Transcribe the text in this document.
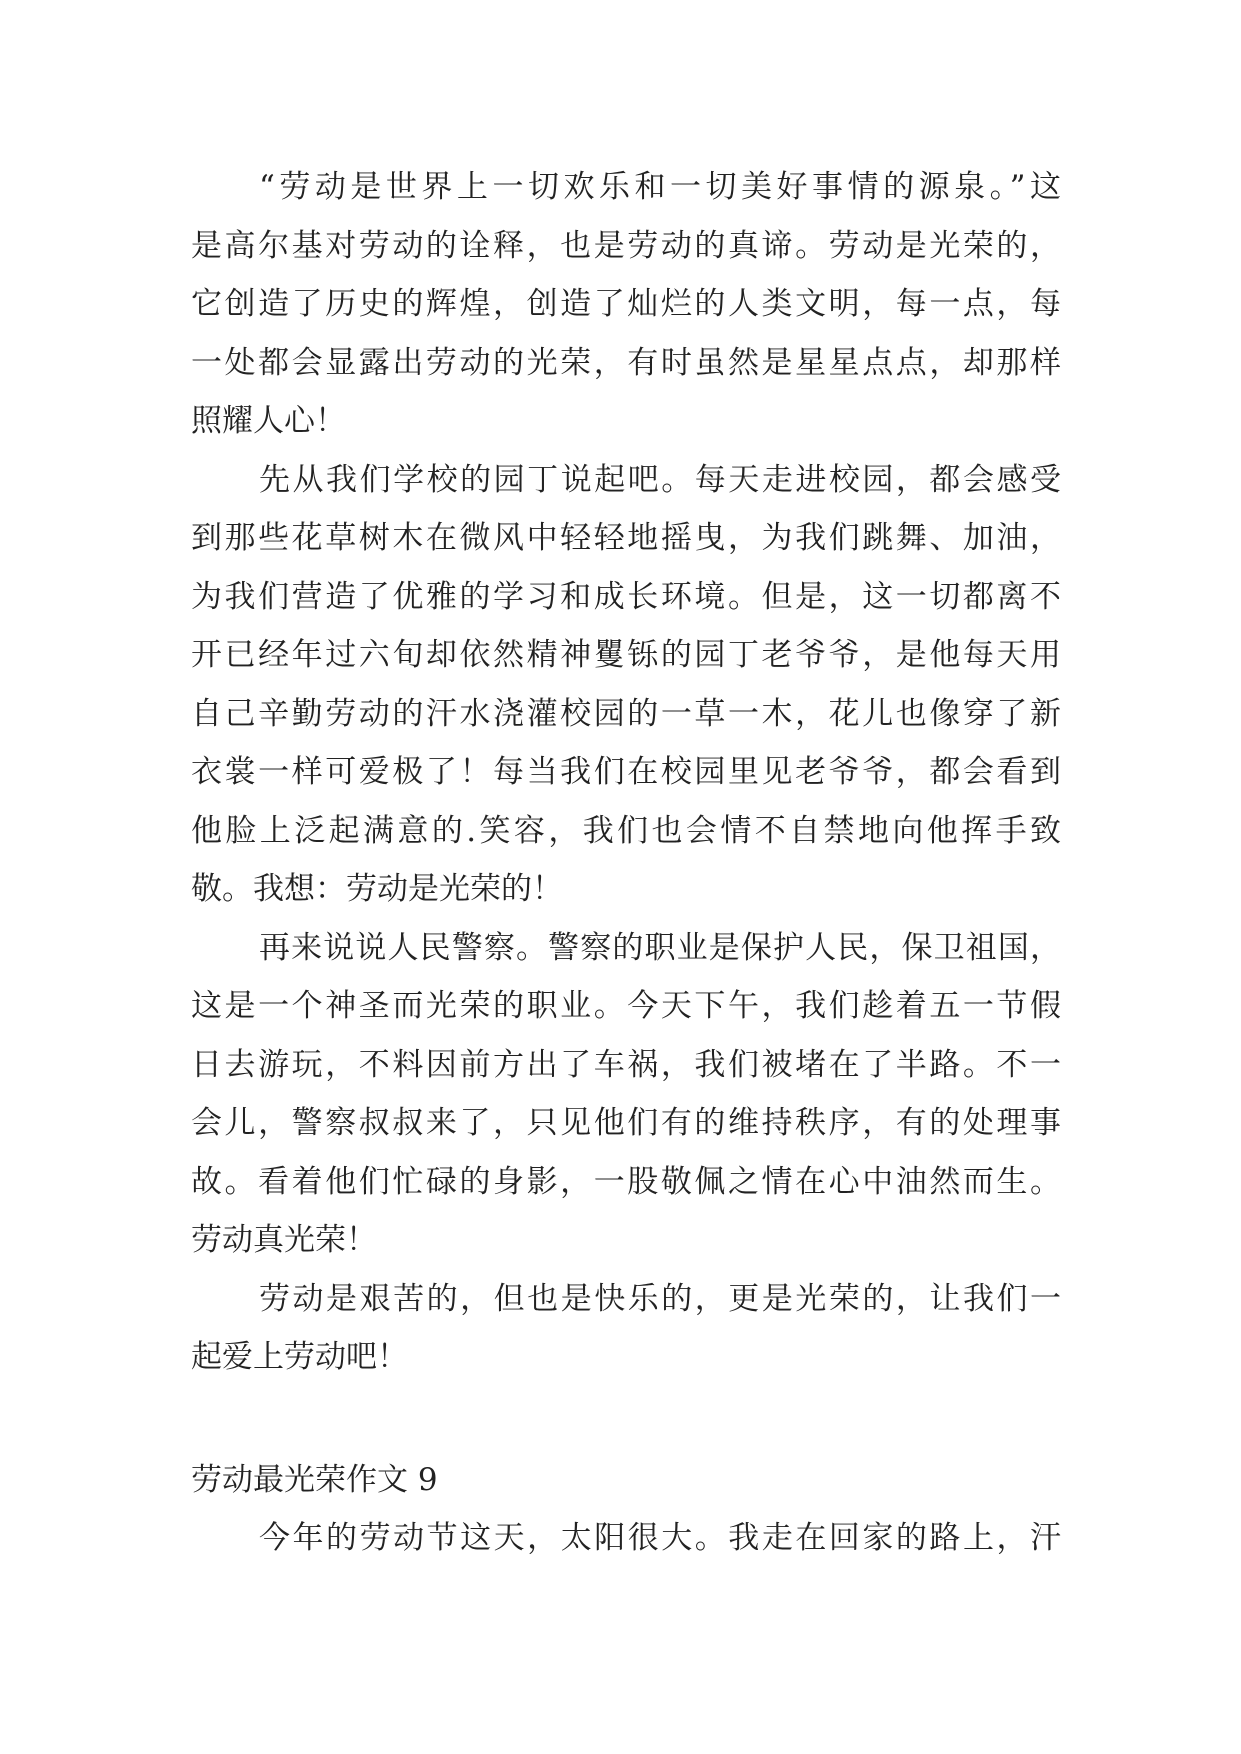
“劳动是世界上一切欢乐和一切美好事情的源泉。”这
是高尔基对劳动的诠释，也是劳动的真谛。劳动是光荣的，
它创造了历史的辉煌，创造了灿烂的人类文明，每一点，每
一处都会显露出劳动的光荣，有时虽然是星星点点，却那样
照耀人心！
先从我们学校的园丁说起吧。每天走进校园，都会感受
到那些花草树木在微风中轻轻地摇曳，为我们跳舞、加油，
为我们营造了优雅的学习和成长环境。但是，这一切都离不
开已经年过六旬却依然精神矍铄的园丁老爷爷，是他每天用
自己辛勤劳动的汗水浇灌校园的一草一木，花儿也像穿了新
衣裳一样可爱极了！每当我们在校园里见老爷爷，都会看到
他脸上泛起满意的.笑容，我们也会情不自禁地向他挥手致
敬。我想：劳动是光荣的！
再来说说人民警察。警察的职业是保护人民，保卫祖国，
这是一个神圣而光荣的职业。今天下午，我们趁着五一节假
日去游玩，不料因前方出了车祸，我们被堵在了半路。不一
会儿，警察叔叔来了，只见他们有的维持秩序，有的处理事
故。看着他们忙碌的身影，一股敬佩之情在心中油然而生。
劳动真光荣！
劳动是艰苦的，但也是快乐的，更是光荣的，让我们一
起爱上劳动吧！
劳动最光荣作文 9
今年的劳动节这天，太阳很大。我走在回家的路上，汗
